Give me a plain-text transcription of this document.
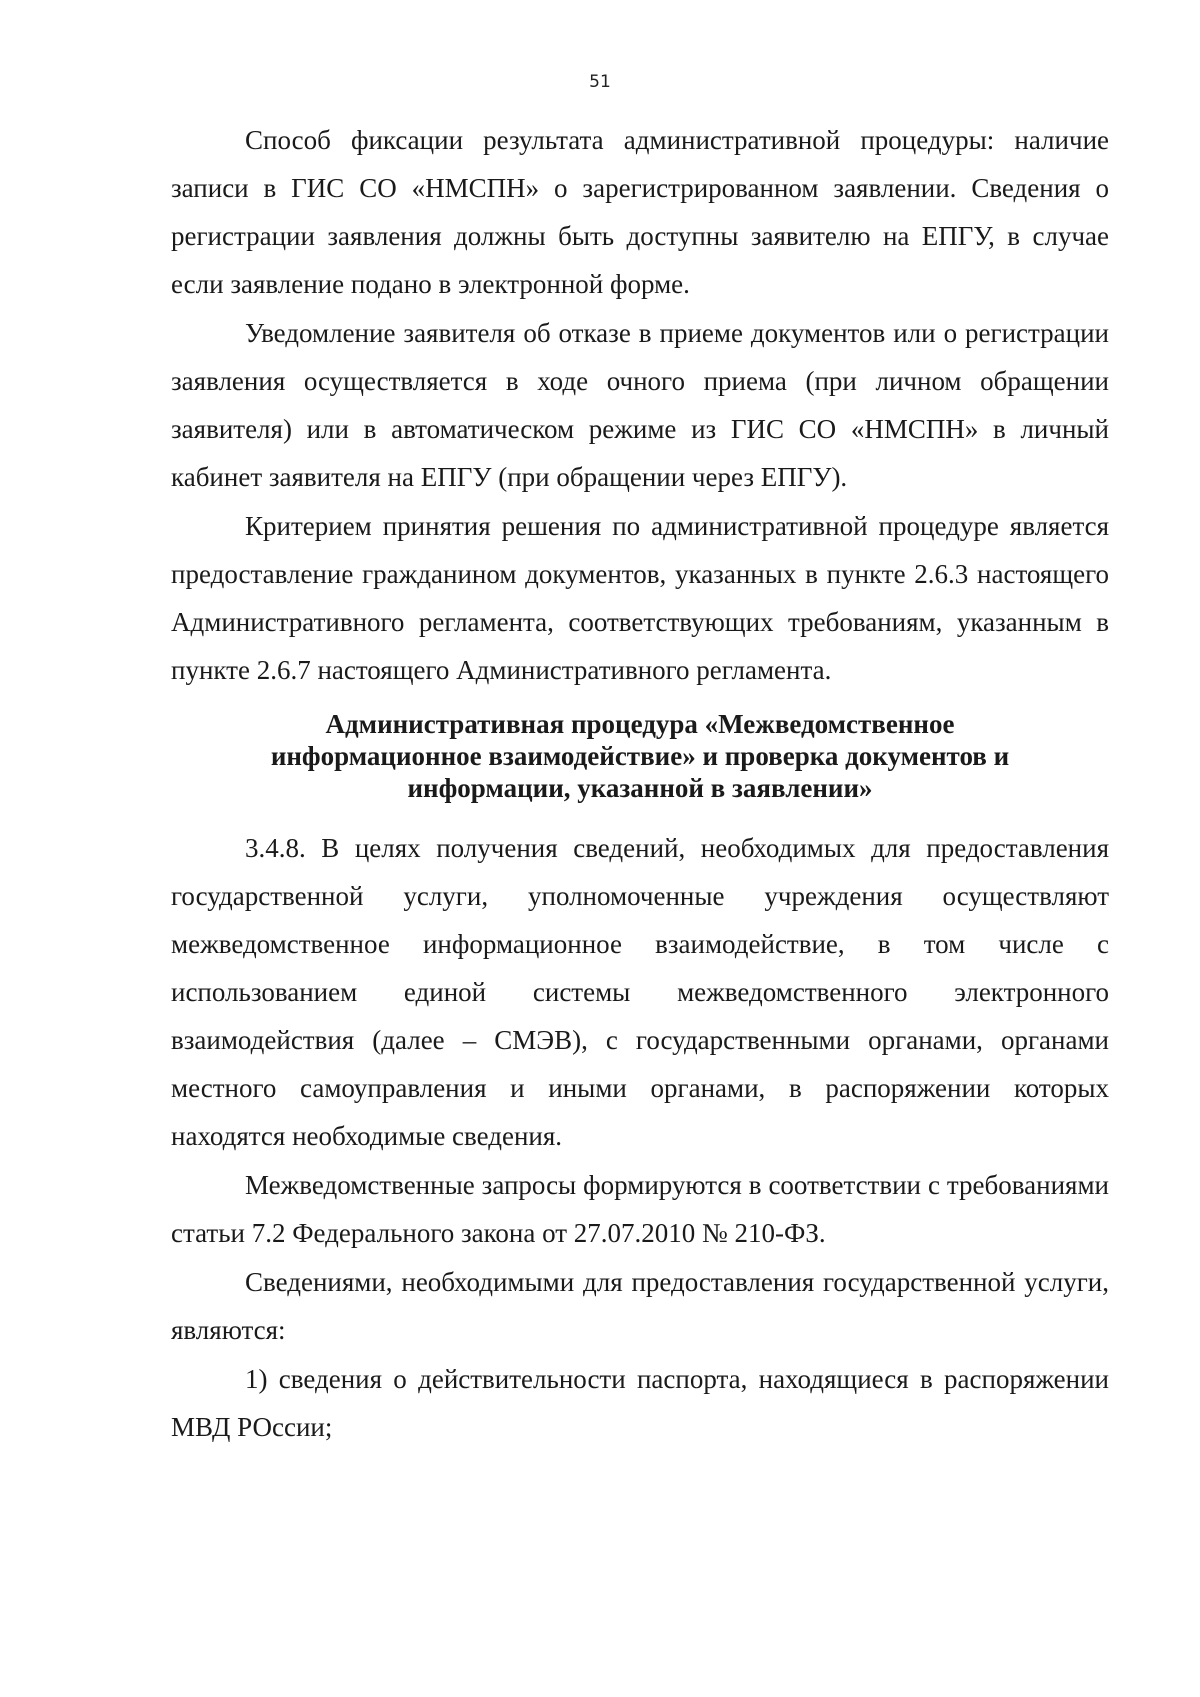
51

Способ фиксации результата административной процедуры: наличие записи в ГИС СО «НМСПН» о зарегистрированном заявлении. Сведения о регистрации заявления должны быть доступны заявителю на ЕПГУ, в случае если заявление подано в электронной форме.

Уведомление заявителя об отказе в приеме документов или о регистрации заявления осуществляется в ходе очного приема (при личном обращении заявителя) или в автоматическом режиме из ГИС СО «НМСПН» в личный кабинет заявителя на ЕПГУ (при обращении через ЕПГУ).

Критерием принятия решения по административной процедуре является предоставление гражданином документов, указанных в пункте 2.6.3 настоящего Административного регламента, соответствующих требованиям, указанным в пункте 2.6.7 настоящего Административного регламента.

Административная процедура «Межведомственное
информационное взаимодействие» и проверка документов и
информации, указанной в заявлении»

3.4.8. В целях получения сведений, необходимых для предоставления государственной услуги, уполномоченные учреждения осуществляют межведомственное информационное взаимодействие, в том числе с использованием единой системы межведомственного электронного взаимодействия (далее – СМЭВ), с государственными органами, органами местного самоуправления и иными органами, в распоряжении которых находятся необходимые сведения.

Межведомственные запросы формируются в соответствии с требованиями статьи 7.2 Федерального закона от 27.07.2010 № 210-ФЗ.

Сведениями, необходимыми для предоставления государственной услуги, являются:

1) сведения о действительности паспорта, находящиеся в распоряжении МВД РОссии;
